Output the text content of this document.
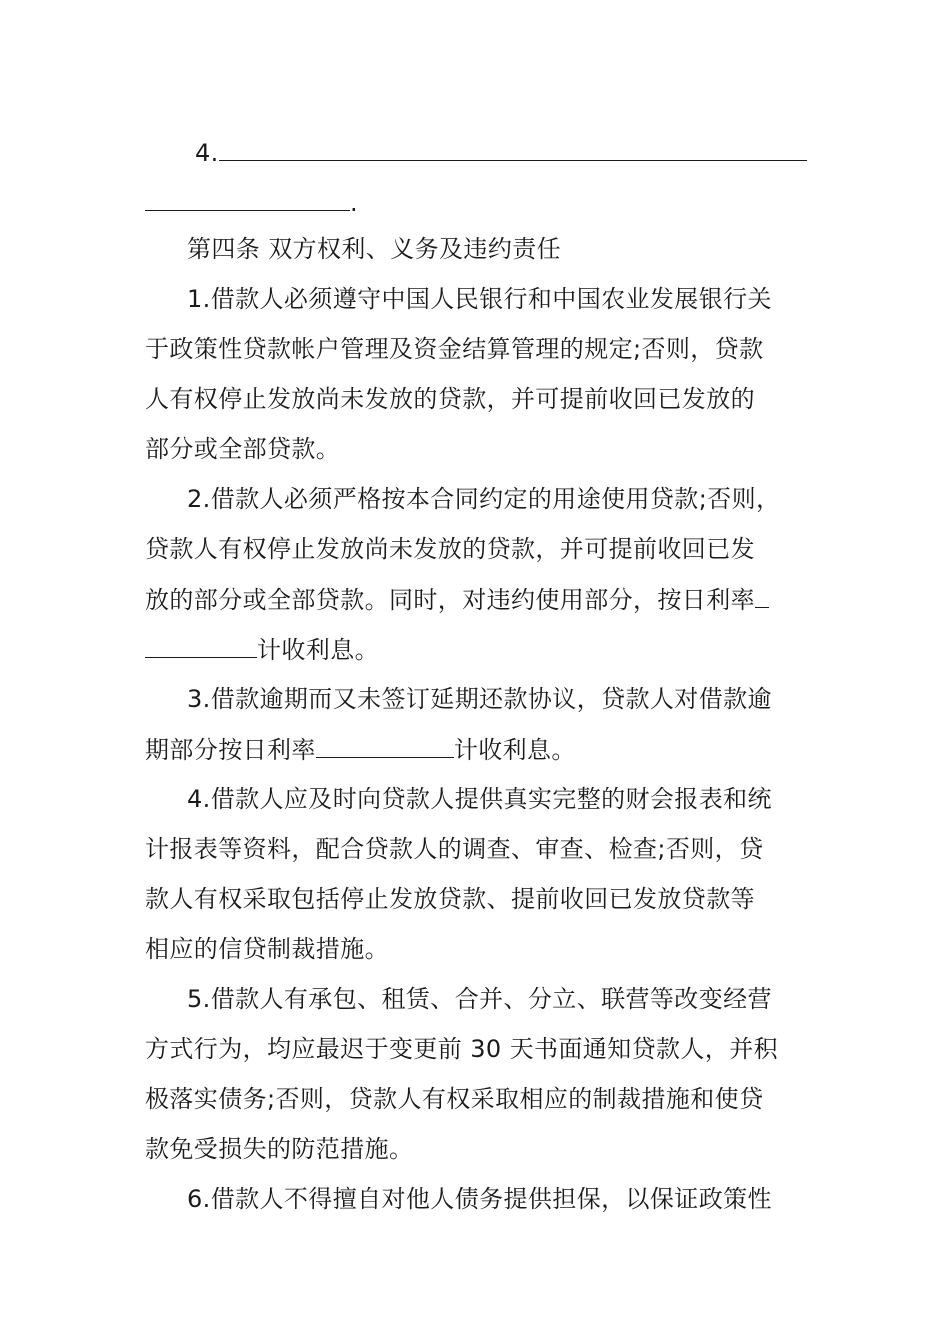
4.
.
第四条 双方权利、义务及违约责任
1.借款人必须遵守中国人民银行和中国农业发展银行关
于政策性贷款帐户管理及资金结算管理的规定;否则，贷款
人有权停止发放尚未发放的贷款，并可提前收回已发放的
部分或全部贷款。
2.借款人必须严格按本合同约定的用途使用贷款;否则，
贷款人有权停止发放尚未发放的贷款，并可提前收回已发
放的部分或全部贷款。同时，对违约使用部分，按日利率
计收利息。
3.借款逾期而又未签订延期还款协议，贷款人对借款逾
期部分按日利率	计收利息。
4.借款人应及时向贷款人提供真实完整的财会报表和统
计报表等资料，配合贷款人的调查、审查、检查;否则，贷
款人有权采取包括停止发放贷款、提前收回已发放贷款等
相应的信贷制裁措施。
5.借款人有承包、租赁、合并、分立、联营等改变经营
方式行为，均应最迟于变更前 30 天书面通知贷款人，并积
极落实债务;否则，贷款人有权采取相应的制裁措施和使贷
款免受损失的防范措施。
6.借款人不得擅自对他人债务提供担保，以保证政策性
